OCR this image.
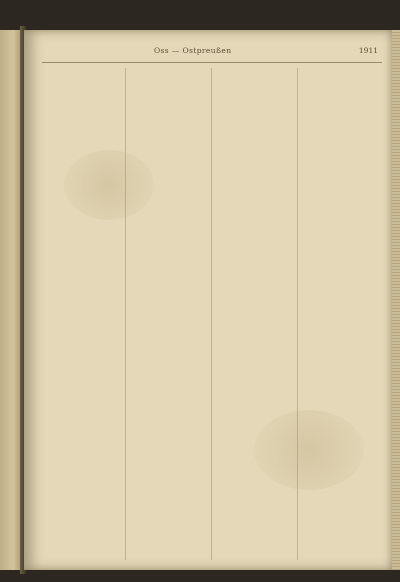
Oss — Ostpreußen	1911
